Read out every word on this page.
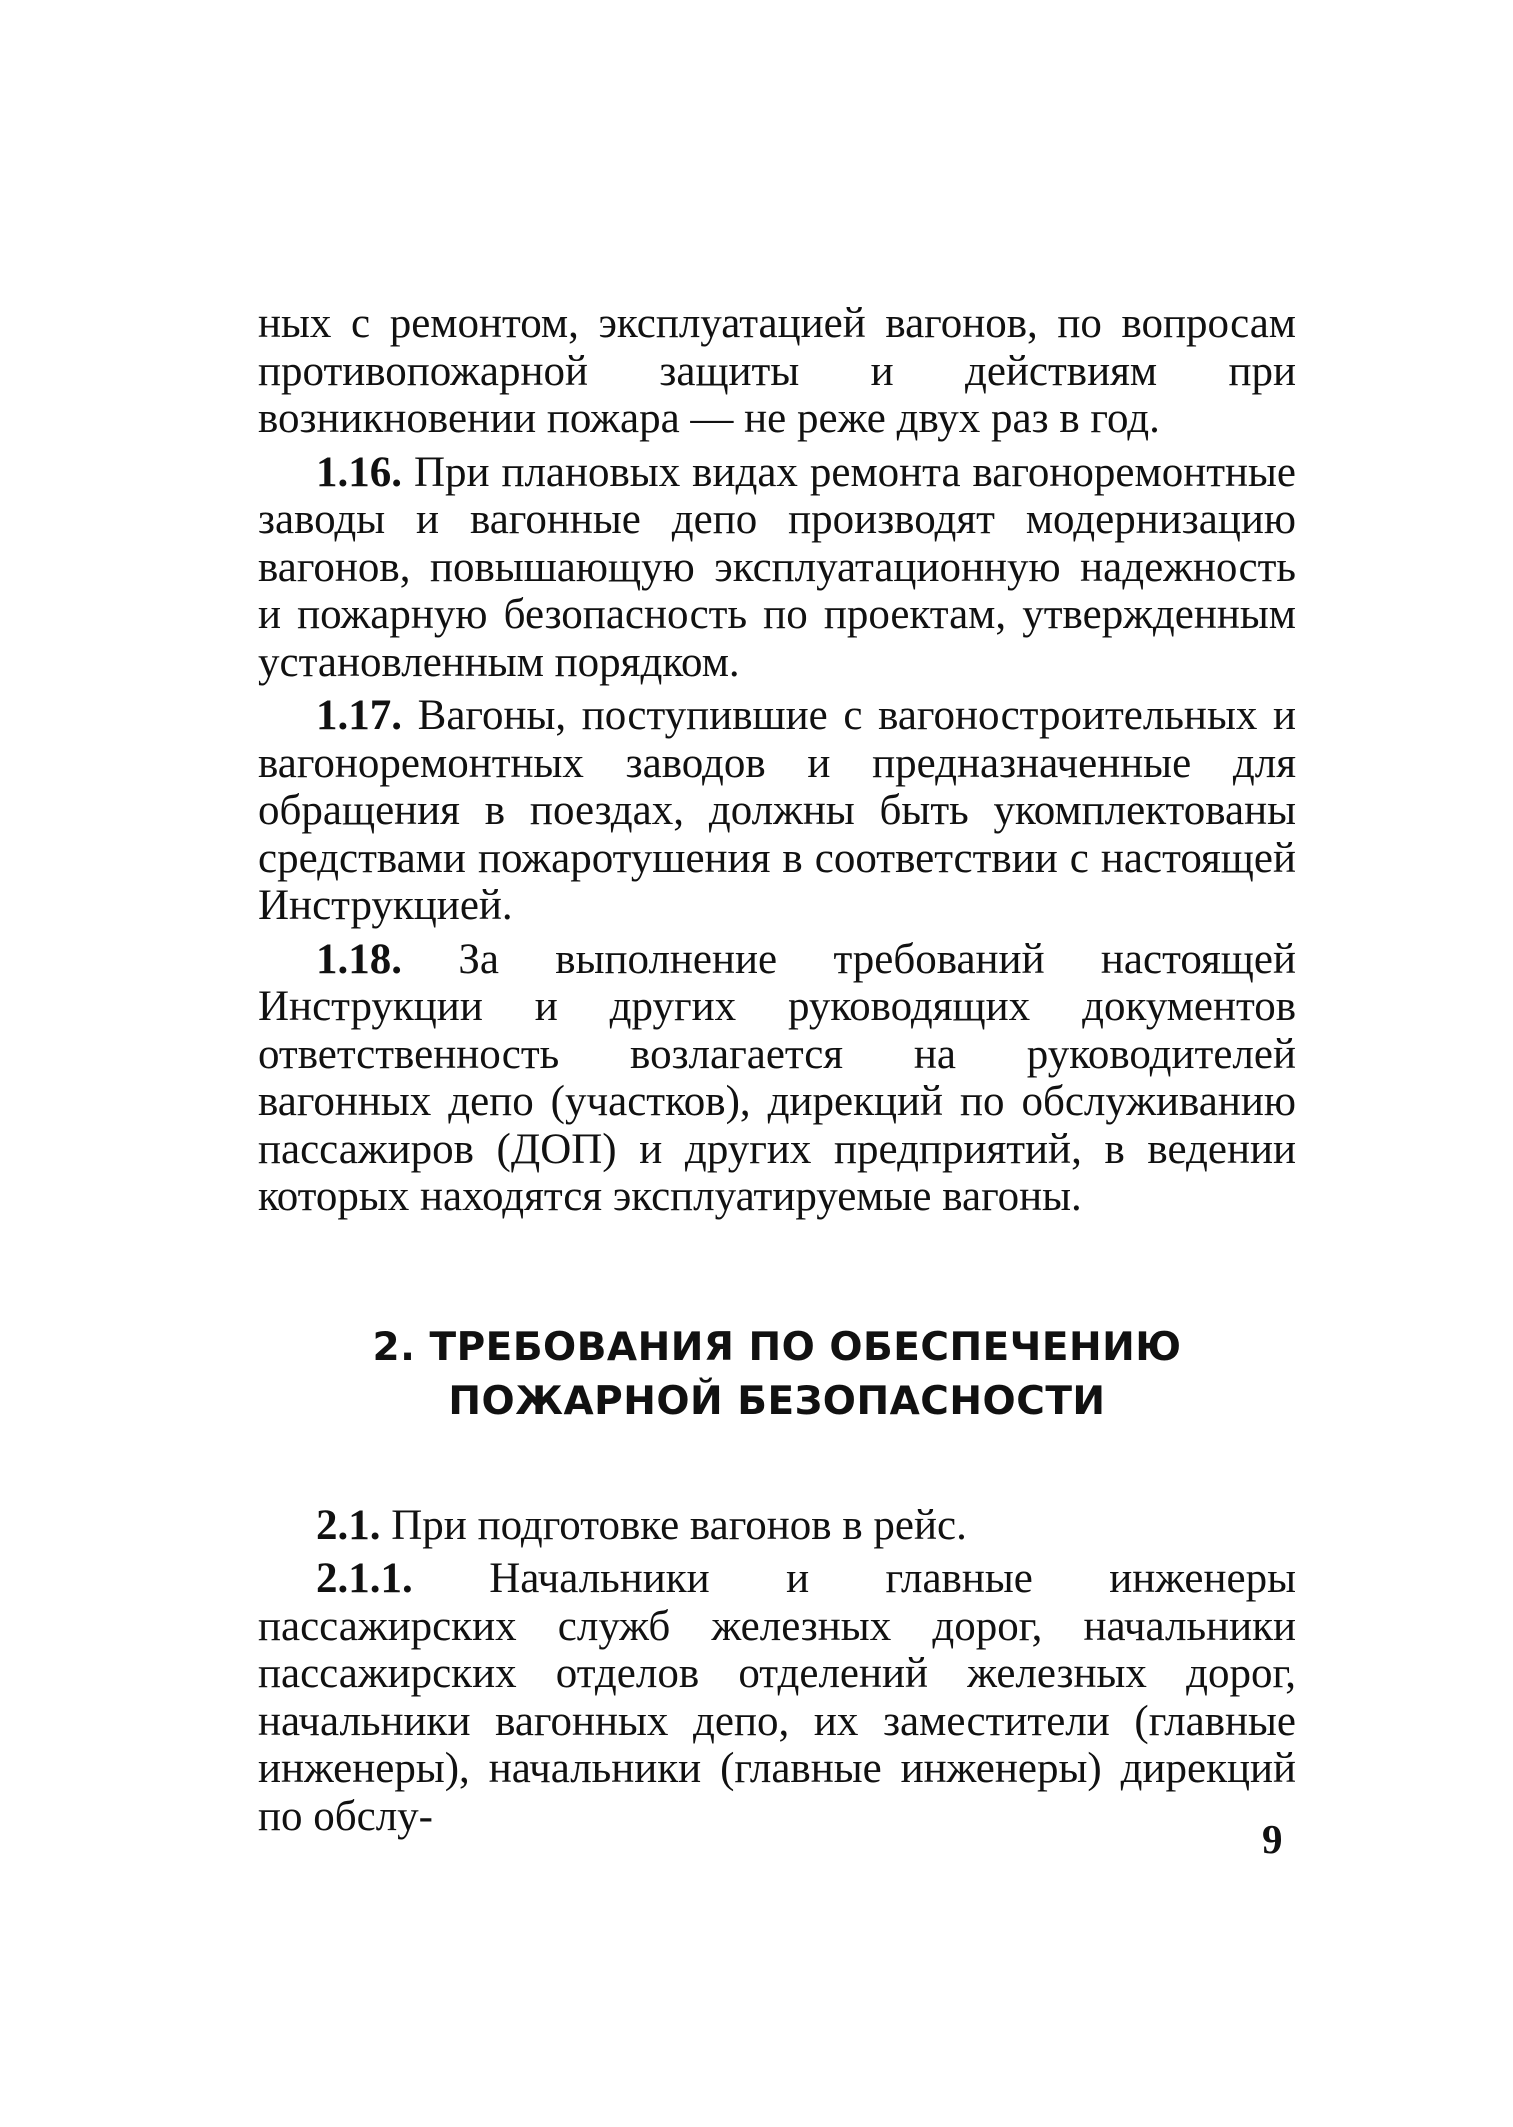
ных с ремонтом, эксплуатацией вагонов, по вопросам противопожарной защиты и действиям при возникновении пожара — не реже двух раз в год.

1.16. При плановых видах ремонта вагоноремонтные заводы и вагонные депо производят модернизацию вагонов, повышающую эксплуатационную надежность и пожарную безопасность по проектам, утвержденным установленным порядком.

1.17. Вагоны, поступившие с вагоностроительных и вагоноремонтных заводов и предназначенные для обращения в поездах, должны быть укомплектованы средствами пожаротушения в соответствии с настоящей Инструкцией.

1.18. За выполнение требований настоящей Инструкции и других руководящих документов ответственность возлагается на руководителей вагонных депо (участков), дирекций по обслуживанию пассажиров (ДОП) и других предприятий, в ведении которых находятся эксплуатируемые вагоны.

2. ТРЕБОВАНИЯ ПО ОБЕСПЕЧЕНИЮ
ПОЖАРНОЙ БЕЗОПАСНОСТИ

2.1. При подготовке вагонов в рейс.

2.1.1. Начальники и главные инженеры пассажирских служб железных дорог, начальники пассажирских отделов отделений железных дорог, начальники вагонных депо, их заместители (главные инженеры), начальники (главные инженеры) дирекций по обслу-	9
